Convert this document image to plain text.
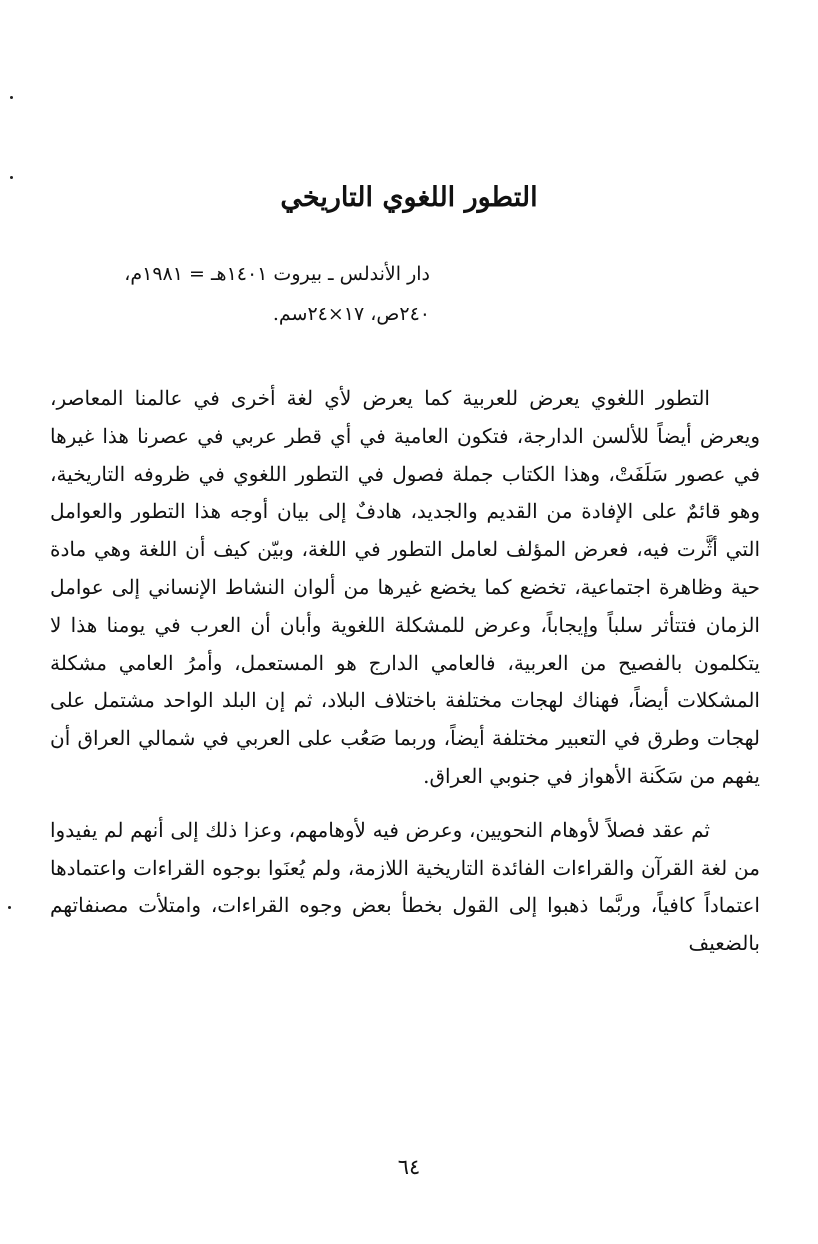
التطور اللغوي التاريخي
دار الأندلس ـ بيروت ١٤٠١هـ = ١٩٨١م،
٢٤٠ص، ١٧×٢٤سم.

التطور اللغوي يعرض للعربية كما يعرض لأي لغة أخرى في عالمنا المعاصر، ويعرض أيضاً للألسن الدارجة، فتكون العامية في أي قطر عربي في عصرنا هذا غيرها في عصور سَلَفَتْ، وهذا الكتاب جملة فصول في التطور اللغوي في ظروفه التاريخية، وهو قائمٌ على الإفادة من القديم والجديد، هادفٌ إلى بيان أوجه هذا التطور والعوامل التي أثَّرت فيه، فعرض المؤلف لعامل التطور في اللغة، وبيّن كيف أن اللغة وهي مادة حية وظاهرة اجتماعية، تخضع كما يخضع غيرها من ألوان النشاط الإنساني إلى عوامل الزمان فتتأثر سلباً وإيجاباً، وعرض للمشكلة اللغوية وأبان أن العرب في يومنا هذا لا يتكلمون بالفصيح من العربية، فالعامي الدارج هو المستعمل، وأمرُ العامي مشكلة المشكلات أيضاً، فهناك لهجات مختلفة باختلاف البلاد، ثم إن البلد الواحد مشتمل على لهجات وطرق في التعبير مختلفة أيضاً، وربما صَعُب على العربي في شمالي العراق أن يفهم من سَكَنة الأهواز في جنوبي العراق.

ثم عقد فصلاً لأوهام النحويين، وعرض فيه لأوهامهم، وعزا ذلك إلى أنهم لم يفيدوا من لغة القرآن والقراءات الفائدة التاريخية اللازمة، ولم يُعنَوا بوجوه القراءات واعتمادها اعتماداً كافياً، وربَّما ذهبوا إلى القول بخطأ بعض وجوه القراءات، وامتلأت مصنفاتهم بالضعيف

٦٤
